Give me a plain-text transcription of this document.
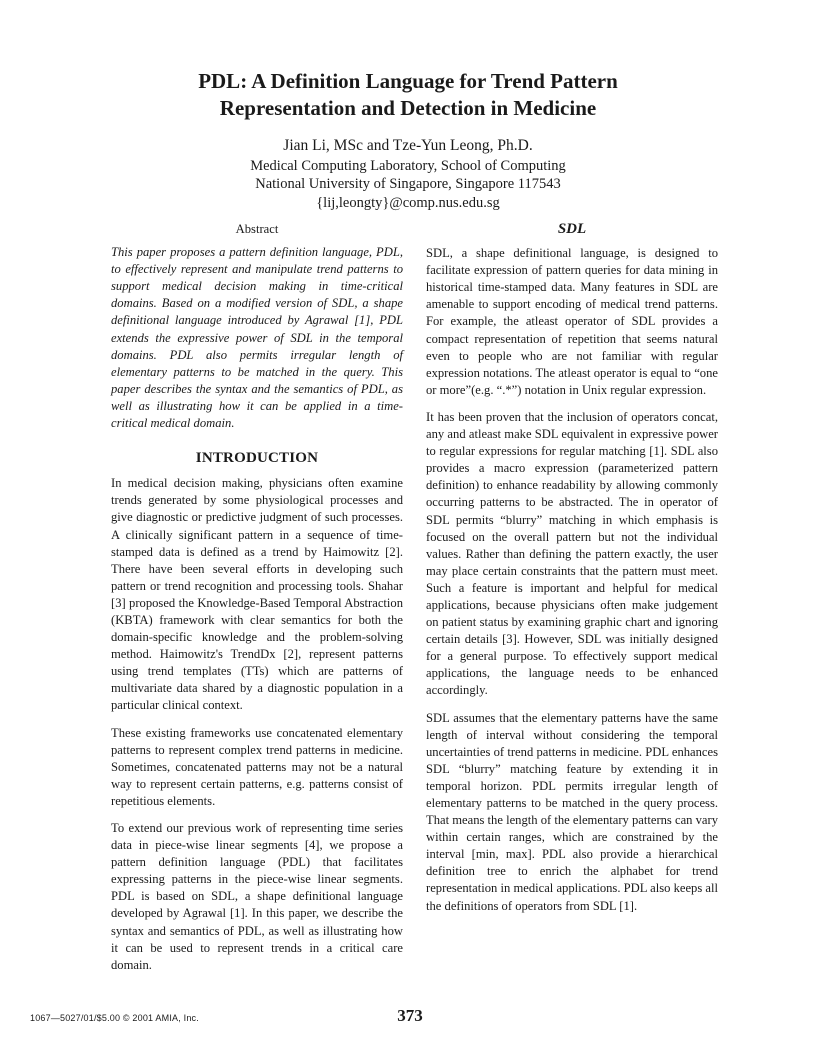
PDL: A Definition Language for Trend Pattern
Representation and Detection in Medicine
Jian Li, MSc and Tze-Yun Leong, Ph.D.
Medical Computing Laboratory, School of Computing
National University of Singapore, Singapore 117543
{lij,leongty}@comp.nus.edu.sg
Abstract

This paper proposes a pattern definition language, PDL, to effectively represent and manipulate trend patterns to support medical decision making in time-critical domains. Based on a modified version of SDL, a shape definitional language introduced by Agrawal [1], PDL extends the expressive power of SDL in the temporal domains. PDL also permits irregular length of elementary patterns to be matched in the query. This paper describes the syntax and the semantics of PDL, as well as illustrating how it can be applied in a time-critical medical domain.

INTRODUCTION

In medical decision making, physicians often examine trends generated by some physiological processes and give diagnostic or predictive judgment of such processes. A clinically significant pattern in a sequence of time-stamped data is defined as a trend by Haimowitz [2]. There have been several efforts in developing such pattern or trend recognition and processing tools. Shahar [3] proposed the Knowledge-Based Temporal Abstraction (KBTA) framework with clear semantics for both the domain-specific knowledge and the problem-solving method. Haimowitz's TrendDx [2], represent patterns using trend templates (TTs) which are patterns of multivariate data shared by a diagnostic population in a particular clinical context.

These existing frameworks use concatenated elementary patterns to represent complex trend patterns in medicine. Sometimes, concatenated patterns may not be a natural way to represent certain patterns, e.g. patterns consist of repetitious elements.

To extend our previous work of representing time series data in piece-wise linear segments [4], we propose a pattern definition language (PDL) that facilitates expressing patterns in the piece-wise linear segments. PDL is based on SDL, a shape definitional language developed by Agrawal [1]. In this paper, we describe the syntax and semantics of PDL, as well as illustrating how it can be used to represent trends in a critical care domain.

SDL

SDL, a shape definitional language, is designed to facilitate expression of pattern queries for data mining in historical time-stamped data. Many features in SDL are amenable to support encoding of medical trend patterns. For example, the atleast operator of SDL provides a compact representation of repetition that seems natural even to people who are not familiar with regular expression notations. The atleast operator is equal to “one or more”(e.g. “.*”) notation in Unix regular expression.

It has been proven that the inclusion of operators concat, any and atleast make SDL equivalent in expressive power to regular expressions for regular matching [1]. SDL also provides a macro expression (parameterized pattern definition) to enhance readability by allowing commonly occurring patterns to be abstracted. The in operator of SDL permits “blurry” matching in which emphasis is focused on the overall pattern but not the individual values. Rather than defining the pattern exactly, the user may place certain constraints that the pattern must meet. Such a feature is important and helpful for medical applications, because physicians often make judgement on patient status by examining graphic chart and ignoring certain details [3]. However, SDL was initially designed for a general purpose. To effectively support medical applications, the language needs to be enhanced accordingly.

SDL assumes that the elementary patterns have the same length of interval without considering the temporal uncertainties of trend patterns in medicine. PDL enhances SDL “blurry” matching feature by extending it in temporal horizon. PDL permits irregular length of elementary patterns to be matched in the query process. That means the length of the elementary patterns can vary within certain ranges, which are constrained by the interval [min, max]. PDL also provide a hierarchical definition tree to enrich the alphabet for trend representation in medical applications. PDL also keeps all the definitions of operators from SDL [1].

1067—5027/01/$5.00 © 2001 AMIA, Inc.	373
